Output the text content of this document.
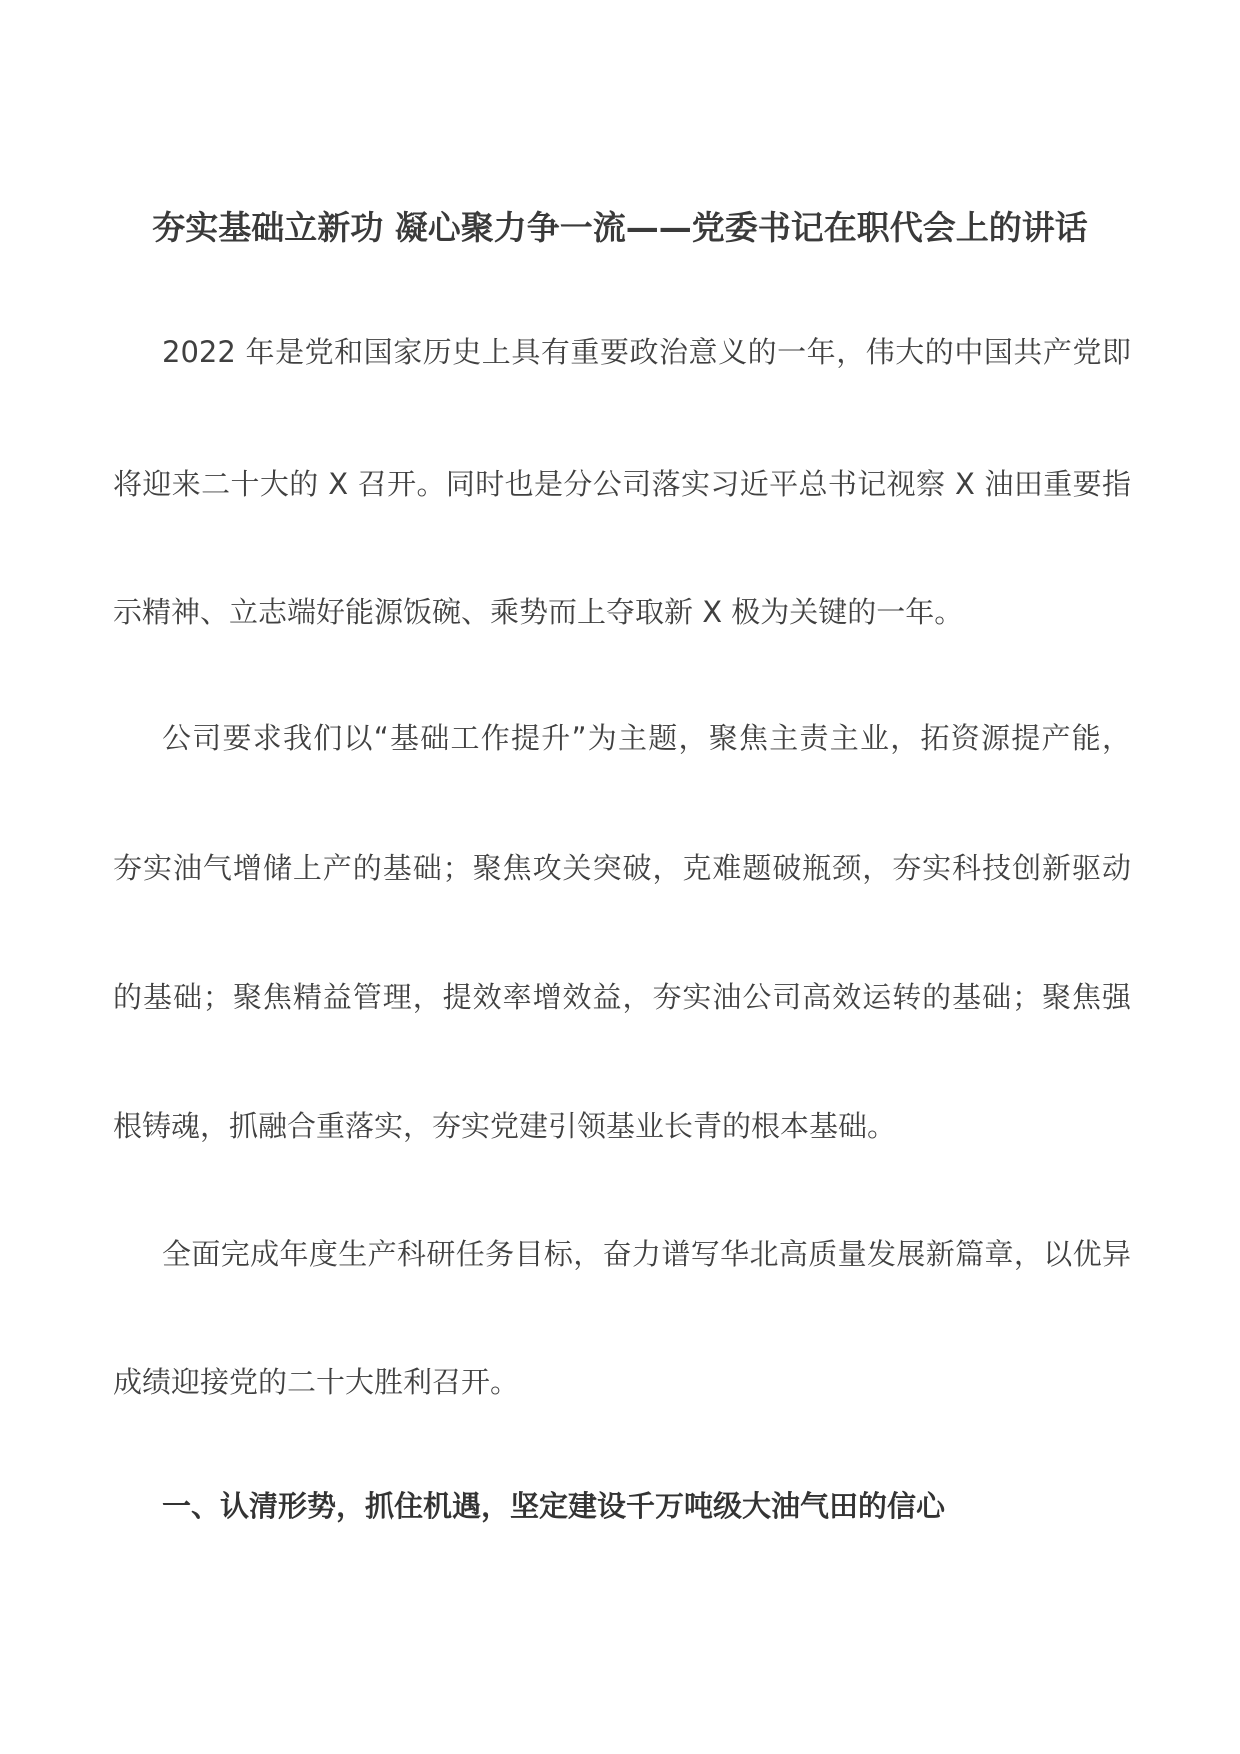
夯实基础立新功 凝心聚力争一流——党委书记在职代会上的讲话
2022 年是党和国家历史上具有重要政治意义的一年，伟大的中国共产党即
将迎来二十大的 X 召开。同时也是分公司落实习近平总书记视察 X 油田重要指
示精神、立志端好能源饭碗、乘势而上夺取新 X 极为关键的一年。
公司要求我们以“基础工作提升”为主题，聚焦主责主业，拓资源提产能，
夯实油气增储上产的基础；聚焦攻关突破，克难题破瓶颈，夯实科技创新驱动
的基础；聚焦精益管理，提效率增效益，夯实油公司高效运转的基础；聚焦强
根铸魂，抓融合重落实，夯实党建引领基业长青的根本基础。
全面完成年度生产科研任务目标，奋力谱写华北高质量发展新篇章，以优异
成绩迎接党的二十大胜利召开。
一、认清形势，抓住机遇，坚定建设千万吨级大油气田的信心
